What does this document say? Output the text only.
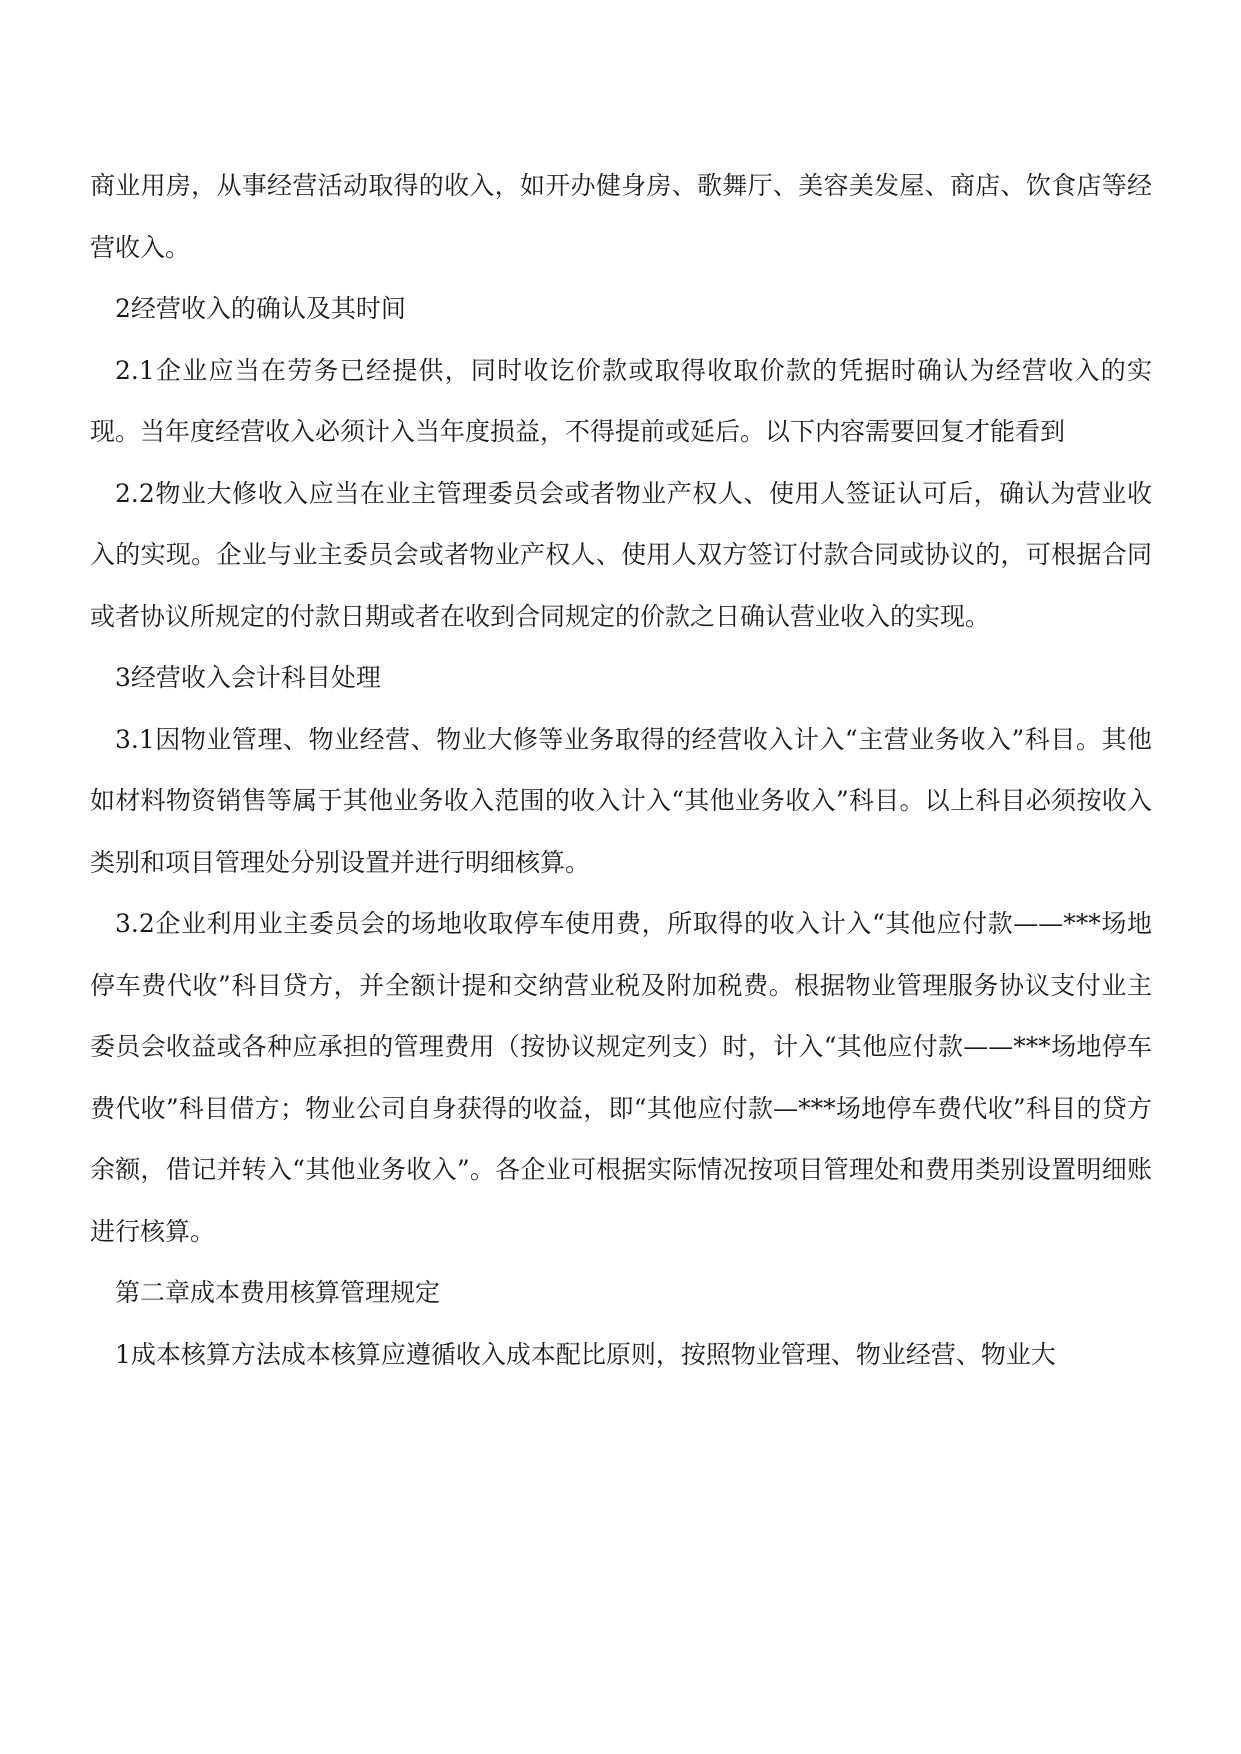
商业用房，从事经营活动取得的收入，如开办健身房、歌舞厅、美容美发屋、商店、饮食店等经营收入。

2经营收入的确认及其时间

2.1企业应当在劳务已经提供，同时收讫价款或取得收取价款的凭据时确认为经营收入的实现。当年度经营收入必须计入当年度损益，不得提前或延后。以下内容需要回复才能看到

2.2物业大修收入应当在业主管理委员会或者物业产权人、使用人签证认可后，确认为营业收入的实现。企业与业主委员会或者物业产权人、使用人双方签订付款合同或协议的，可根据合同或者协议所规定的付款日期或者在收到合同规定的价款之日确认营业收入的实现。

3经营收入会计科目处理

3.1因物业管理、物业经营、物业大修等业务取得的经营收入计入“主营业务收入”科目。其他如材料物资销售等属于其他业务收入范围的收入计入“其他业务收入”科目。以上科目必须按收入类别和项目管理处分别设置并进行明细核算。

3.2企业利用业主委员会的场地收取停车使用费，所取得的收入计入“其他应付款——***场地停车费代收”科目贷方，并全额计提和交纳营业税及附加税费。根据物业管理服务协议支付业主委员会收益或各种应承担的管理费用（按协议规定列支）时，计入“其他应付款——***场地停车费代收”科目借方；物业公司自身获得的收益，即“其他应付款—***场地停车费代收”科目的贷方余额，借记并转入“其他业务收入”。各企业可根据实际情况按项目管理处和费用类别设置明细账进行核算。

第二章成本费用核算管理规定

1成本核算方法成本核算应遵循收入成本配比原则，按照物业管理、物业经营、物业大
